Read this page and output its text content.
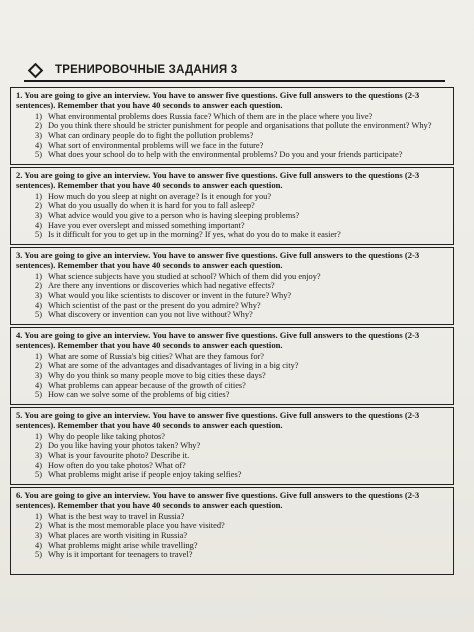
ТРЕНИРОВОЧНЫЕ ЗАДАНИЯ 3
1. You are going to give an interview. You have to answer five questions. Give full answers to the questions (2-3 sentences). Remember that you have 40 seconds to answer each question.
1) What environmental problems does Russia face? Which of them are in the place where you live?
2) Do you think there should be stricter punishment for people and organisations that pollute the environment? Why?
3) What can ordinary people do to fight the pollution problems?
4) What sort of environmental problems will we face in the future?
5) What does your school do to help with the environmental problems? Do you and your friends participate?
2. You are going to give an interview. You have to answer five questions. Give full answers to the questions (2-3 sentences). Remember that you have 40 seconds to answer each question.
1) How much do you sleep at night on average? Is it enough for you?
2) What do you usually do when it is hard for you to fall asleep?
3) What advice would you give to a person who is having sleeping problems?
4) Have you ever overslept and missed something important?
5) Is it difficult for you to get up in the morning? If yes, what do you do to make it easier?
3. You are going to give an interview. You have to answer five questions. Give full answers to the questions (2-3 sentences). Remember that you have 40 seconds to answer each question.
1) What science subjects have you studied at school? Which of them did you enjoy?
2) Are there any inventions or discoveries which had negative effects?
3) What would you like scientists to discover or invent in the future? Why?
4) Which scientist of the past or the present do you admire? Why?
5) What discovery or invention can you not live without? Why?
4. You are going to give an interview. You have to answer five questions. Give full answers to the questions (2-3 sentences). Remember that you have 40 seconds to answer each question.
1) What are some of Russia's big cities? What are they famous for?
2) What are some of the advantages and disadvantages of living in a big city?
3) Why do you think so many people move to big cities these days?
4) What problems can appear because of the growth of cities?
5) How can we solve some of the problems of big cities?
5. You are going to give an interview. You have to answer five questions. Give full answers to the questions (2-3 sentences). Remember that you have 40 seconds to answer each question.
1) Why do people like taking photos?
2) Do you like having your photos taken? Why?
3) What is your favourite photo? Describe it.
4) How often do you take photos? What of?
5) What problems might arise if people enjoy taking selfies?
6. You are going to give an interview. You have to answer five questions. Give full answers to the questions (2-3 sentences). Remember that you have 40 seconds to answer each question.
1) What is the best way to travel in Russia?
2) What is the most memorable place you have visited?
3) What places are worth visiting in Russia?
4) What problems might arise while travelling?
5) Why is it important for teenagers to travel?
